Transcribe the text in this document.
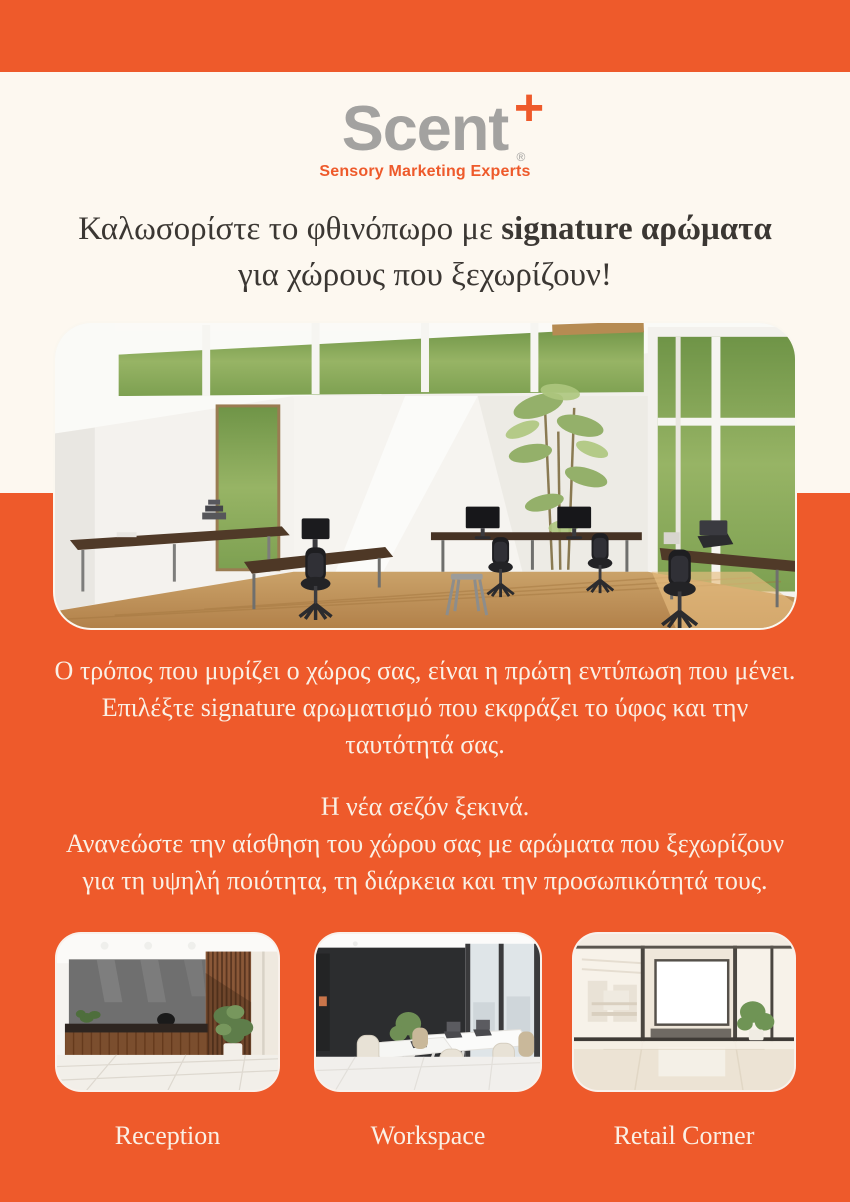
Scent +
®
Sensory Marketing Experts
Καλωσορίστε το φθινόπωρο με signature αρώματα
για χώρους που ξεχωρίζουν!
Ο τρόπος που μυρίζει ο χώρος σας, είναι η πρώτη εντύπωση που μένει.
Επιλέξτε signature αρωματισμό που εκφράζει το ύφος και την
ταυτότητά σας.
Η νέα σεζόν ξεκινά.
Ανανεώστε την αίσθηση του χώρου σας με αρώματα που ξεχωρίζουν
για τη υψηλή ποιότητα, τη διάρκεια και την προσωπικότητά τους.
Reception	Workspace	Retail Corner
